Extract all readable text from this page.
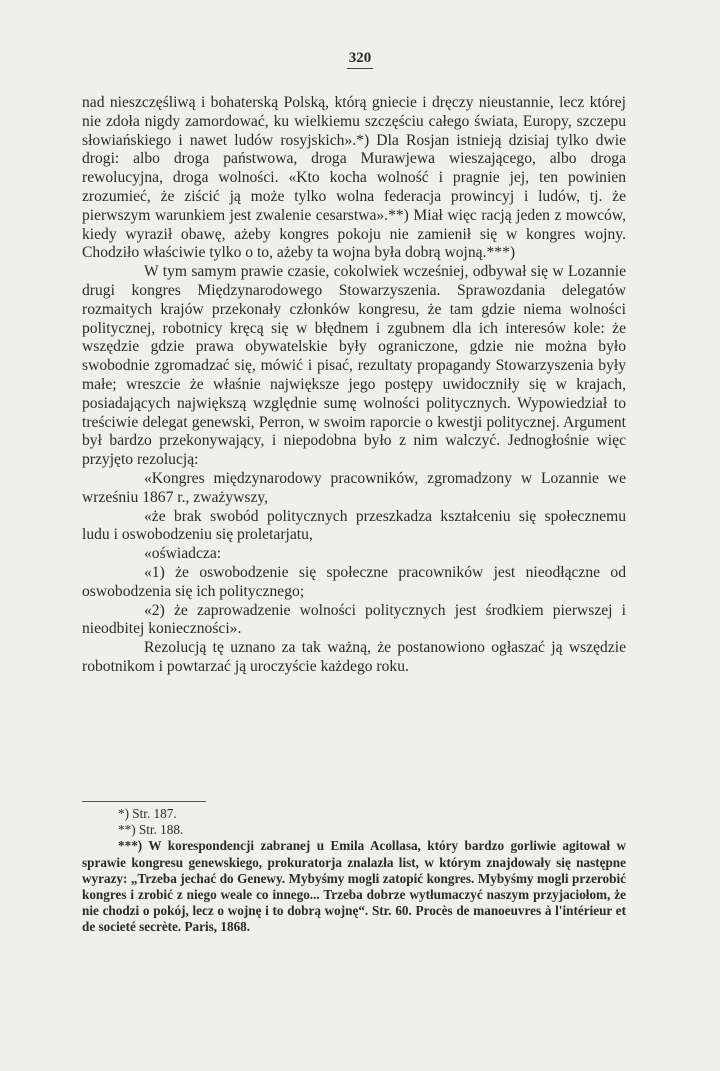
320

nad nieszczęśliwą i bohaterską Polską, którą gniecie i dręczy nieustannie, lecz której nie zdoła nigdy zamordować, ku wielkiemu szczęściu całego świata, Europy, szczepu słowiańskiego i nawet ludów rosyjskich».*) Dla Rosjan istnieją dzisiaj tylko dwie drogi: albo droga państwowa, droga Murawjewa wieszającego, albo droga rewolucyjna, droga wolności. «Kto kocha wolność i pragnie jej, ten powinien zrozumieć, że ziścić ją może tylko wolna federacja prowincyj i ludów, tj. że pierwszym warunkiem jest zwalenie cesarstwa».**) Miał więc racją jeden z mowców, kiedy wyraził obawę, ażeby kongres pokoju nie zamienił się w kongres wojny. Chodziło właściwie tylko o to, ażeby ta wojna była dobrą wojną.***)

W tym samym prawie czasie, cokolwiek wcześniej, odbywał się w Lozannie drugi kongres Międzynarodowego Stowarzyszenia. Sprawozdania delegatów rozmaitych krajów przekonały członków kongresu, że tam gdzie niema wolności politycznej, robotnicy kręcą się w błędnem i zgubnem dla ich interesów kole: że wszędzie gdzie prawa obywatelskie były ograniczone, gdzie nie można było swobodnie zgromadzać się, mówić i pisać, rezultaty propagandy Stowarzyszenia były małe; wreszcie że właśnie największe jego postępy uwidoczniły się w krajach, posiadających największą względnie sumę wolności politycznych. Wypowiedział to treściwie delegat genewski, Perron, w swoim raporcie o kwestji politycznej. Argument był bardzo przekonywający, i niepodobna było z nim walczyć. Jednogłośnie więc przyjęto rezolucją:

«Kongres międzynarodowy pracowników, zgromadzony w Lozannie we wrześniu 1867 r., zważywszy,

«że brak swobód politycznych przeszkadza kształceniu się społecznemu ludu i oswobodzeniu się proletarjatu,

«oświadcza:

«1) że oswobodzenie się społeczne pracowników jest nieodłączne od oswobodzenia się ich politycznego;

«2) że zaprowadzenie wolności politycznych jest środkiem pierwszej i nieodbitej konieczności».

Rezolucją tę uznano za tak ważną, że postanowiono ogłaszać ją wszędzie robotnikom i powtarzać ją uroczyście każdego roku.

*) Str. 187.

**) Str. 188.

***) W korespondencji zabranej u Emila Acollasa, który bardzo gorliwie agitował w sprawie kongresu genewskiego, prokuratorja znalazła list, w którym znajdowały się następne wyrazy: „Trzeba jechać do Genewy. Mybyśmy mogli zatopić kongres. Mybyśmy mogli przerobić kongres i zrobić z niego weale co innego... Trzeba dobrze wytłumaczyć naszym przyjaciołom, że nie chodzi o pokój, lecz o wojnę i to dobrą wojnę“. Str. 60. Procès de manoeuvres à l'intérieur et de societé secrète. Paris, 1868.
